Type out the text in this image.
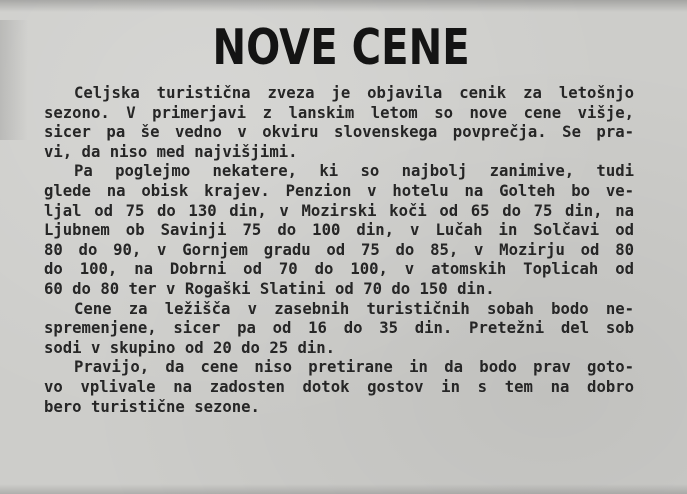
NOVE CENE

Celjska turistična zveza je objavila cenik za letošnjo
sezono. V primerjavi z lanskim letom so nove cene višje,
sicer pa še vedno v okviru slovenskega povprečja. Se pra-
vi, da niso med najvišjimi.

Pa poglejmo nekatere, ki so najbolj zanimive, tudi
glede na obisk krajev. Penzion v hotelu na Golteh bo ve-
ljal od 75 do 130 din, v Mozirski koči od 65 do 75 din, na
Ljubnem ob Savinji 75 do 100 din, v Lučah in Solčavi od
80 do 90, v Gornjem gradu od 75 do 85, v Mozirju od 80
do 100, na Dobrni od 70 do 100, v atomskih Toplicah od
60 do 80 ter v Rogaški Slatini od 70 do 150 din.

Cene za ležišča v zasebnih turističnih sobah bodo ne-
spremenjene, sicer pa od 16 do 35 din. Pretežni del sob
sodi v skupino od 20 do 25 din.

Pravijo, da cene niso pretirane in da bodo prav goto-
vo vplivale na zadosten dotok gostov in s tem na dobro
bero turistične sezone.
